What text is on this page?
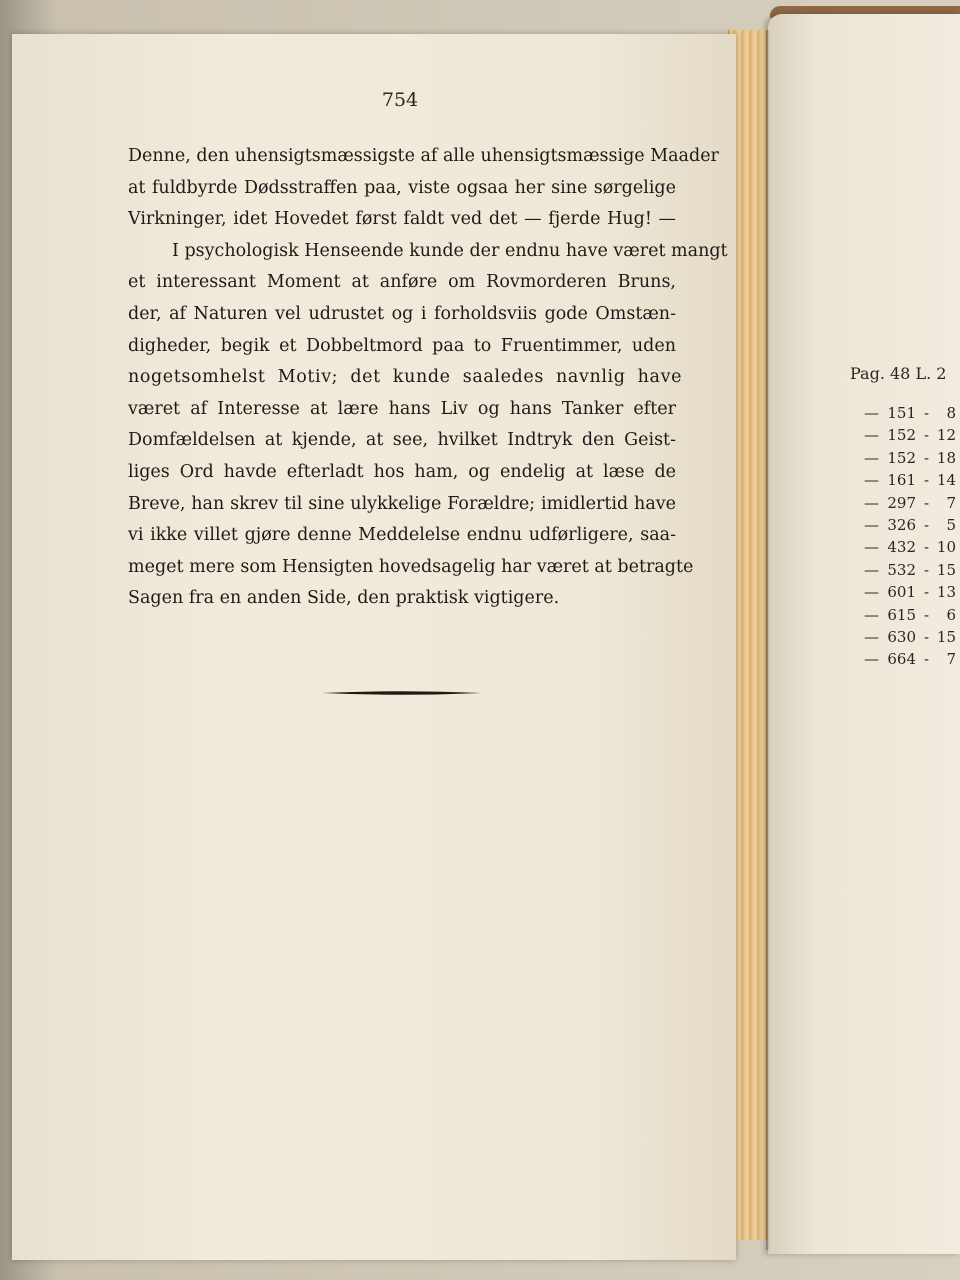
754
Denne, den uhensigtsmæssigste af alle uhensigtsmæssige Maader
at fuldbyrde Dødsstraffen paa, viste ogsaa her sine sørgelige
Virkninger, idet Hovedet først faldt ved det — fjerde Hug! —
I psychologisk Henseende kunde der endnu have været mangt
et interessant Moment at anføre om Rovmorderen Bruns,
der, af Naturen vel udrustet og i forholdsviis gode Omstæn-
digheder, begik et Dobbeltmord paa to Fruentimmer, uden
nogetsomhelst Motiv; det kunde saaledes navnlig have
været af Interesse at lære hans Liv og hans Tanker efter
Domfældelsen at kjende, at see, hvilket Indtryk den Geist-
liges Ord havde efterladt hos ham, og endelig at læse de
Breve, han skrev til sine ulykkelige Forældre; imidlertid have
vi ikke villet gjøre denne Meddelelse endnu udførligere, saa-
meget mere som Hensigten hovedsagelig har været at betragte
Sagen fra en anden Side, den praktisk vigtigere.
Pag. 48 L. 2
— 151 -	8
— 152 - 12
— 152 - 18
— 161 - 14
— 297 -	7
— 326 -	5
— 432 - 10
— 532 - 15
— 601 - 13
— 615 -	6
— 630 - 15
— 664 -	7
